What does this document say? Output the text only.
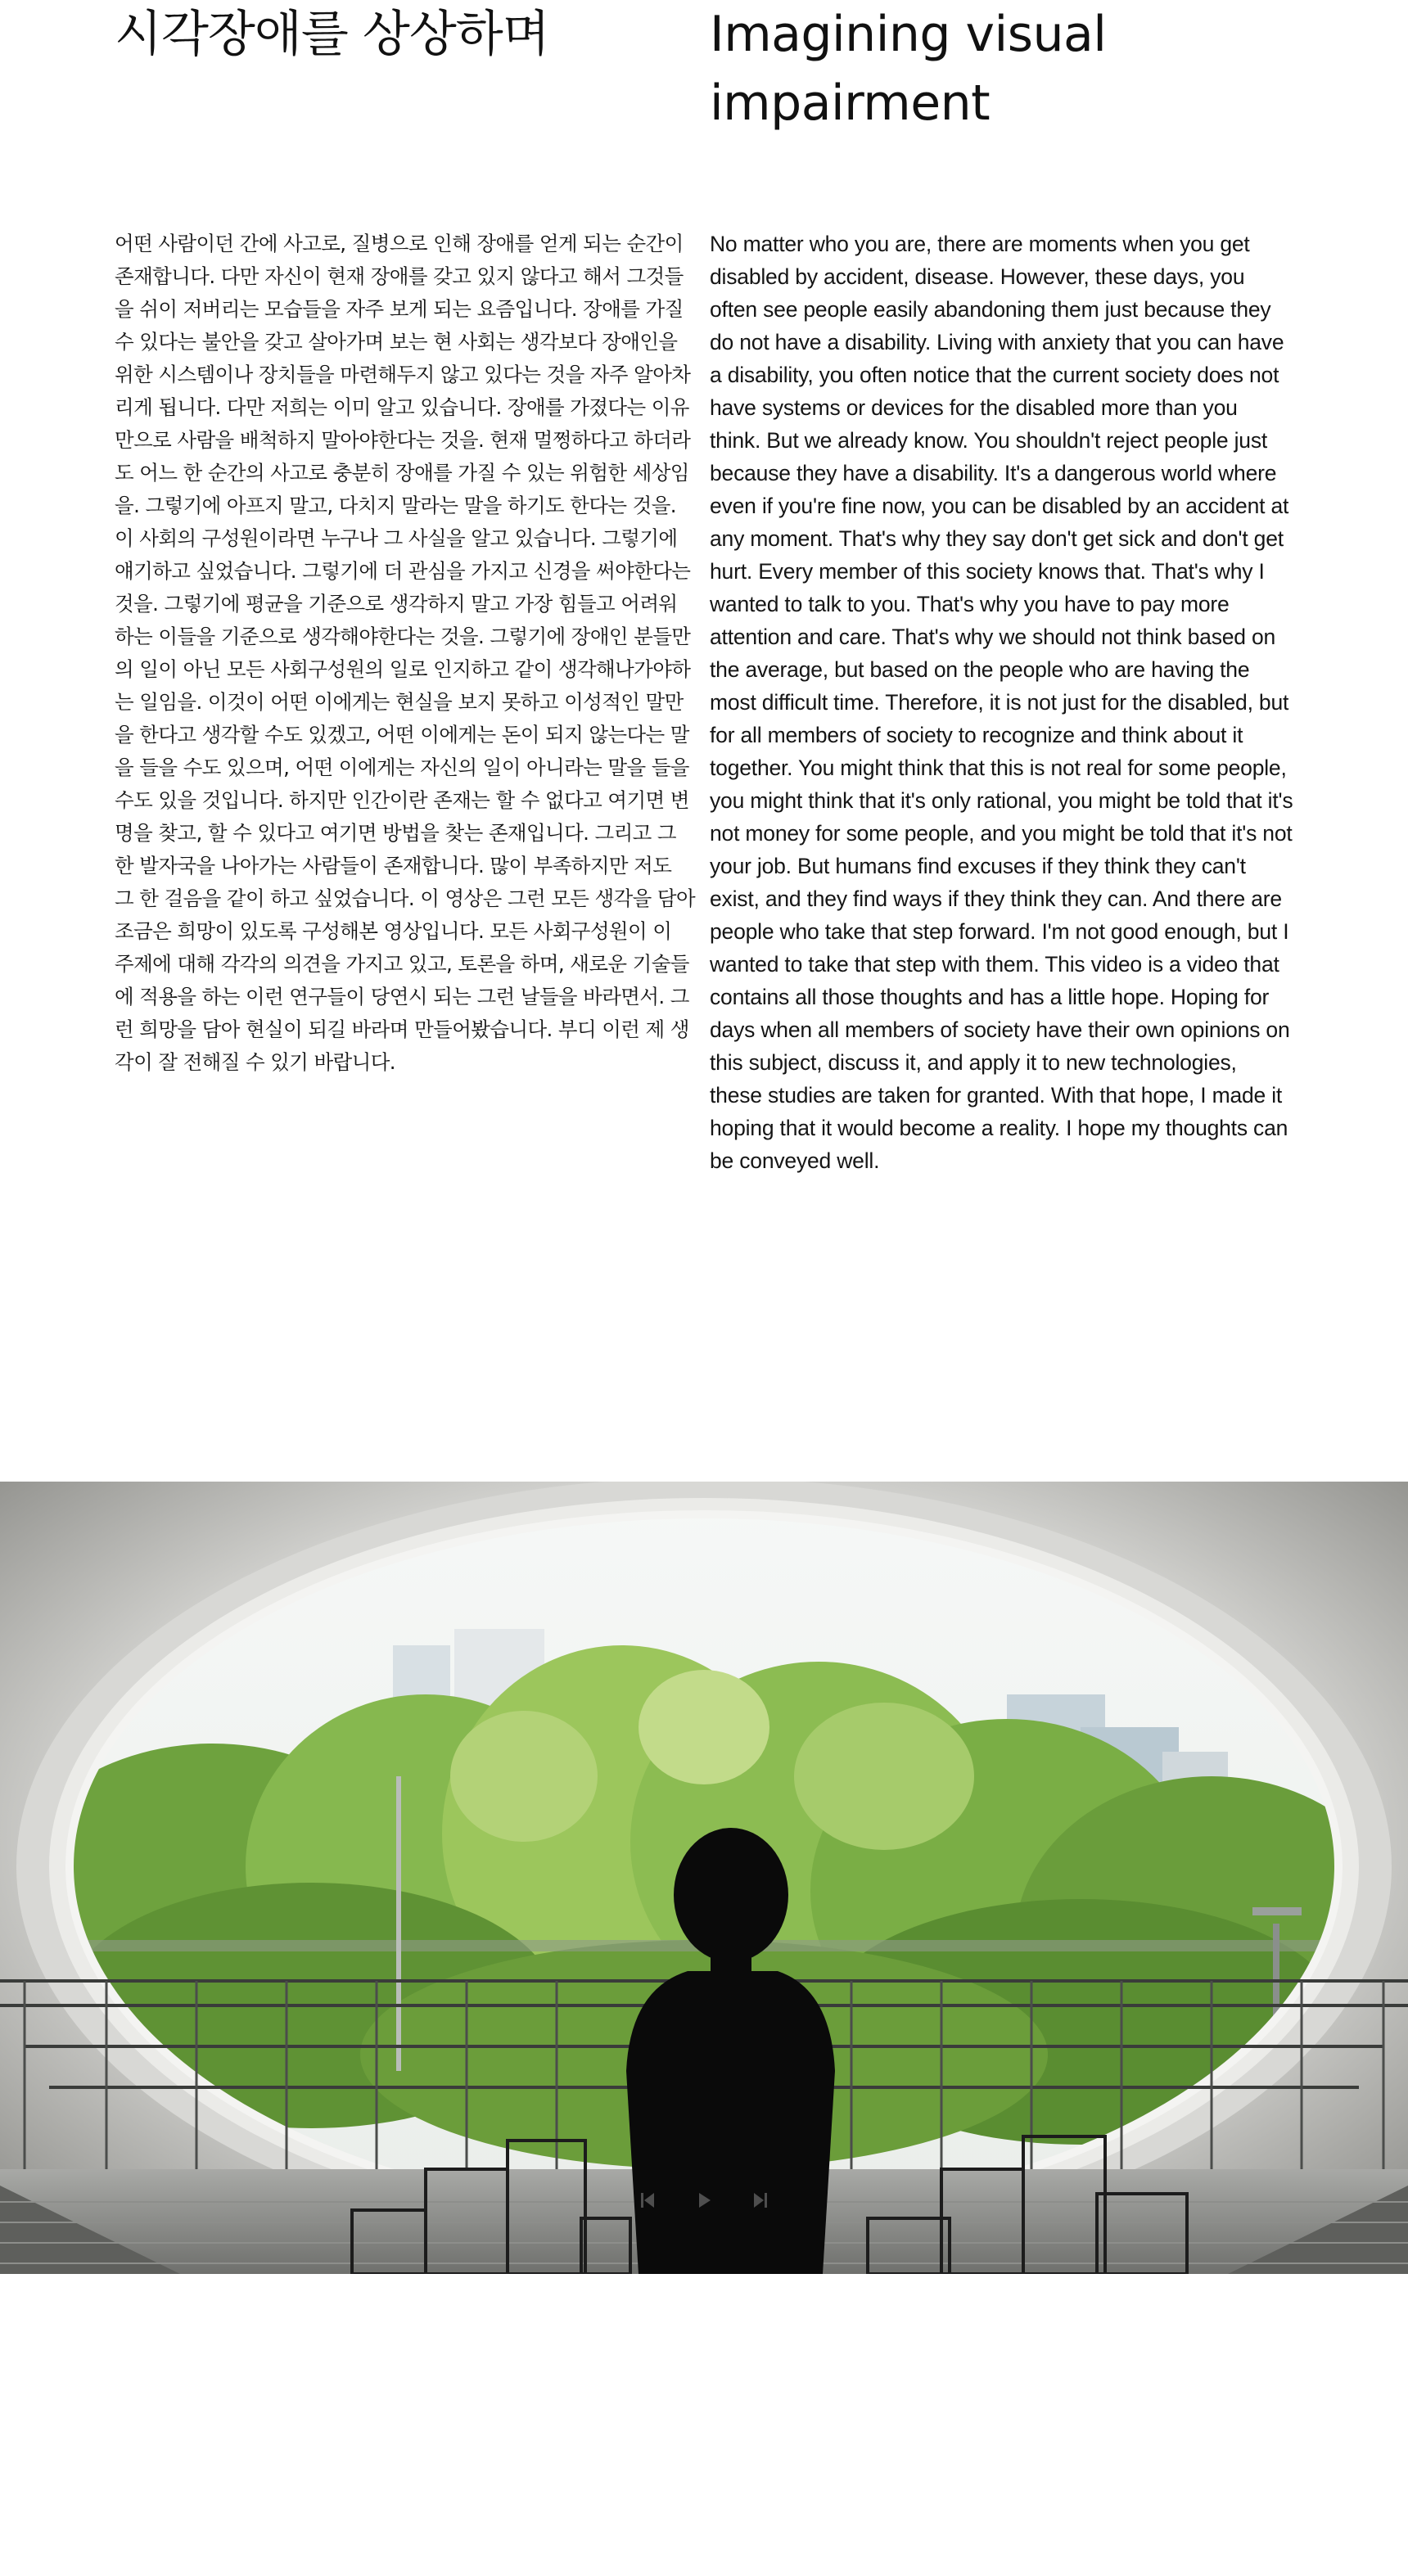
시각장애를 상상하며

어떤 사람이던 간에 사고로, 질병으로 인해 장애를 얻게 되는 순간이 존재합니다. 다만 자신이 현재 장애를 갖고 있지 않다고 해서 그것들을 쉬이 저버리는 모습들을 자주 보게 되는 요즘입니다. 장애를 가질수 있다는 불안을 갖고 살아가며 보는 현 사회는 생각보다 장애인을 위한 시스템이나 장치들을 마련해두지 않고 있다는 것을 자주 알아차리게 됩니다. 다만 저희는 이미 알고 있습니다. 장애를 가졌다는 이유만으로 사람을 배척하지 말아야한다는 것을. 현재 멀쩡하다고 하더라도 어느 한 순간의 사고로 충분히 장애를 가질 수 있는 위험한 세상임을. 그렇기에 아프지 말고, 다치지 말라는 말을 하기도 한다는 것을. 이 사회의 구성원이라면 누구나 그 사실을 알고 있습니다. 그렇기에 얘기하고 싶었습니다. 그렇기에 더 관심을 가지고 신경을 써야한다는 것을. 그렇기에 평균을 기준으로 생각하지 말고 가장 힘들고 어려워하는 이들을 기준으로 생각해야한다는 것을. 그렇기에 장애인 분들만의 일이 아닌 모든 사회구성원의 일로 인지하고 같이 생각해나가야하는 일임을. 이것이 어떤 이에게는 현실을 보지 못하고 이성적인 말만을 한다고 생각할 수도 있겠고, 어떤 이에게는 돈이 되지 않는다는 말을 들을 수도 있으며, 어떤 이에게는 자신의 일이 아니라는 말을 들을 수도 있을 것입니다. 하지만 인간이란 존재는 할 수 없다고 여기면 변명을 찾고, 할 수 있다고 여기면 방법을 찾는 존재입니다. 그리고 그 한 발자국을 나아가는 사람들이 존재합니다. 많이 부족하지만 저도 그 한 걸음을 같이 하고 싶었습니다. 이 영상은 그런 모든 생각을 담아 조금은 희망이 있도록 구성해본 영상입니다. 모든 사회구성원이 이 주제에 대해 각각의 의견을 가지고 있고, 토론을 하며, 새로운 기술들에 적용을 하는 이런 연구들이 당연시 되는 그런 날들을 바라면서. 그런 희망을 담아 현실이 되길 바라며 만들어봤습니다. 부디 이런 제 생각이 잘 전해질 수 있기 바랍니다.

Imagining visual impairment

No matter who you are, there are moments when you get disabled by accident, disease. However, these days, you often see people easily abandoning them just because they do not have a disability. Living with anxiety that you can have a disability, you often notice that the current society does not have systems or devices for the disabled more than you think. But we already know. You shouldn't reject people just because they have a disability. It's a dangerous world where even if you're fine now, you can be disabled by an accident at any moment. That's why they say don't get sick and don't get hurt. Every member of this society knows that. That's why I wanted to talk to you. That's why you have to pay more attention and care. That's why we should not think based on the average, but based on the people who are having the most difficult time. Therefore, it is not just for the disabled, but for all members of society to recognize and think about it together. You might think that this is not real for some people, you might think that it's only rational, you might be told that it's not money for some people, and you might be told that it's not your job. But humans find excuses if they think they can't exist, and they find ways if they think they can. And there are people who take that step forward. I'm not good enough, but I wanted to take that step with them. This video is a video that contains all those thoughts and has a little hope. Hoping for days when all members of society have their own opinions on this subject, discuss it, and apply it to new technologies, these studies are taken for granted. With that hope, I made it hoping that it would become a reality. I hope my thoughts can be conveyed well.
